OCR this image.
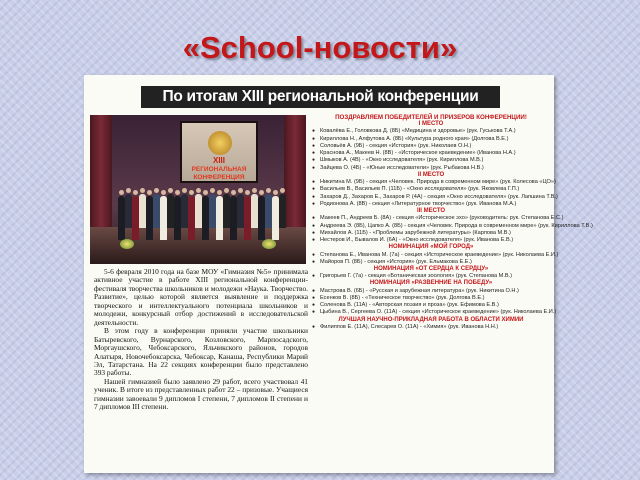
«School-новости»
По итогам XIII региональной конференции
XIII
РЕГИОНАЛЬНАЯ
КОНФЕРЕНЦИЯ

5-6 февраля 2010 года на базе МОУ «Гимназия №5» принимала активное участие в работе XIII региональной конференции-фестиваля творчества школьников и молодежи «Наука. Творчество. Развитие», целью которой является выявление и поддержка творческого и интеллектуального потенциала школьников и молодежи, конкурсный отбор достижений в исследовательской деятельности.

В этом году в конференции приняли участие школьники Батыревского, Вурнарского, Козловского, Марпосадского, Моргаушского, Чебоксарского, Яльчикского районов, городов Алатыря, Новочебоксарска, Чебоксар, Канаша, Республики Марий Эл, Татарстана. На 22 секциях конференции было представлено 393 работы.

Нашей гимназией было заявлено 29 работ, всего участвовал 41 ученик. В итоге из представленных работ 22 – призовые. Учащиеся гимназии завоевали 9 дипломов I степени, 7 дипломов II степени и 7 дипломов III степени.

ПОЗДРАВЛЯЕМ ПОБЕДИТЕЛЕЙ И ПРИЗЕРОВ КОНФЕРЕНЦИИ!
I МЕСТО
● Ковалёва Е., Головкова Д. (8Б) «Медицина и здоровье» (рук. Гуськова Т.А.)
● Кириллова Н., Алфутова А. (8Б) «Культура родного края» (Долгова В.Е.)
● Соловьёв А. (9Б) - секция «История» (рук. Николаев О.Н.)
● Краснова А., Макеев Н. (8В) - «Историческое краеведение» (Иванова Н.А.)
● Шмыков А. (4В) - «Окно исследователя» (рук. Кириллова М.В.)
● Зайцева О. (4Б) - «Юные исследователи» (рук. Рыбакова Н.В.)
II МЕСТО
● Никитина М. (9Б) - секция «Человек. Природа в современном мире» (рук. Колесова «ЦО»)
● Васильев В., Васильев П. (11Б) - «Окно исследователя» (рук. Яковлева Г.П.)
● Захаров Д., Захаров Е., Захаров Р. (4А) - секция «Окно исследователя» (рук. Лапшина Т.В.)
● Родионова А. (8В) - секция «Литературное творчество» (рук. Иванова М.А.)
III МЕСТО
● Макеев П., Андреев Б. (8А) - секция «Историческое эхо» (руководитель: рук. Степанова Е.С.)
● Андреева Э. (8Б), Цапко А. (8Б) - секция «Человек. Природа в современном мире» (рук. Кириллова Т.В.)
● Михайлов А. (11Б) - «Проблемы зарубежной литературы» (Карпова М.В.)
● Нестеров И., Бывалов И. (6А) - «Окно исследователя» (рук. Иванова Е.В.)
НОМИНАЦИЯ «МОЙ ГОРОД»
● Степанова Е., Иванова М. (7а) - секция «Историческое краеведение» (рук. Николаева Е.И.)
● Майоров П. (8Б) - секция «История» (рук. Ельмакова Е.Е.)
НОМИНАЦИЯ «ОТ СЕРДЦА К СЕРДЦУ»
● Григорьев Г. (7а) - секция «Ботаническая зоология» (рук. Степанова М.В.)
НОМИНАЦИЯ «РАЗВЕННИЕ НА ПОБЕДУ»
● Мастрова В. (6Б) - «Русская и зарубежная литература» (рук. Никитина О.Н.)
● Есенков В. (8Б) - «Техническое творчество» (рук. Долгова В.Е.)
● Соленова В. (11А) - «Авторская поэзия и проза» (рук. Ефимова Е.В.)
● Цыбина В., Сергеева О. (11А) - секция «Историческое краеведение» (рук. Николаева Е.И.)
ЛУЧШАЯ НАУЧНО-ПРИКЛАДНАЯ РАБОТА В ОБЛАСТИ ХИМИИ
● Филиппов Е. (11А), Слесарев О. (11А) - «Химия» (рук. Иванова Н.Н.)
